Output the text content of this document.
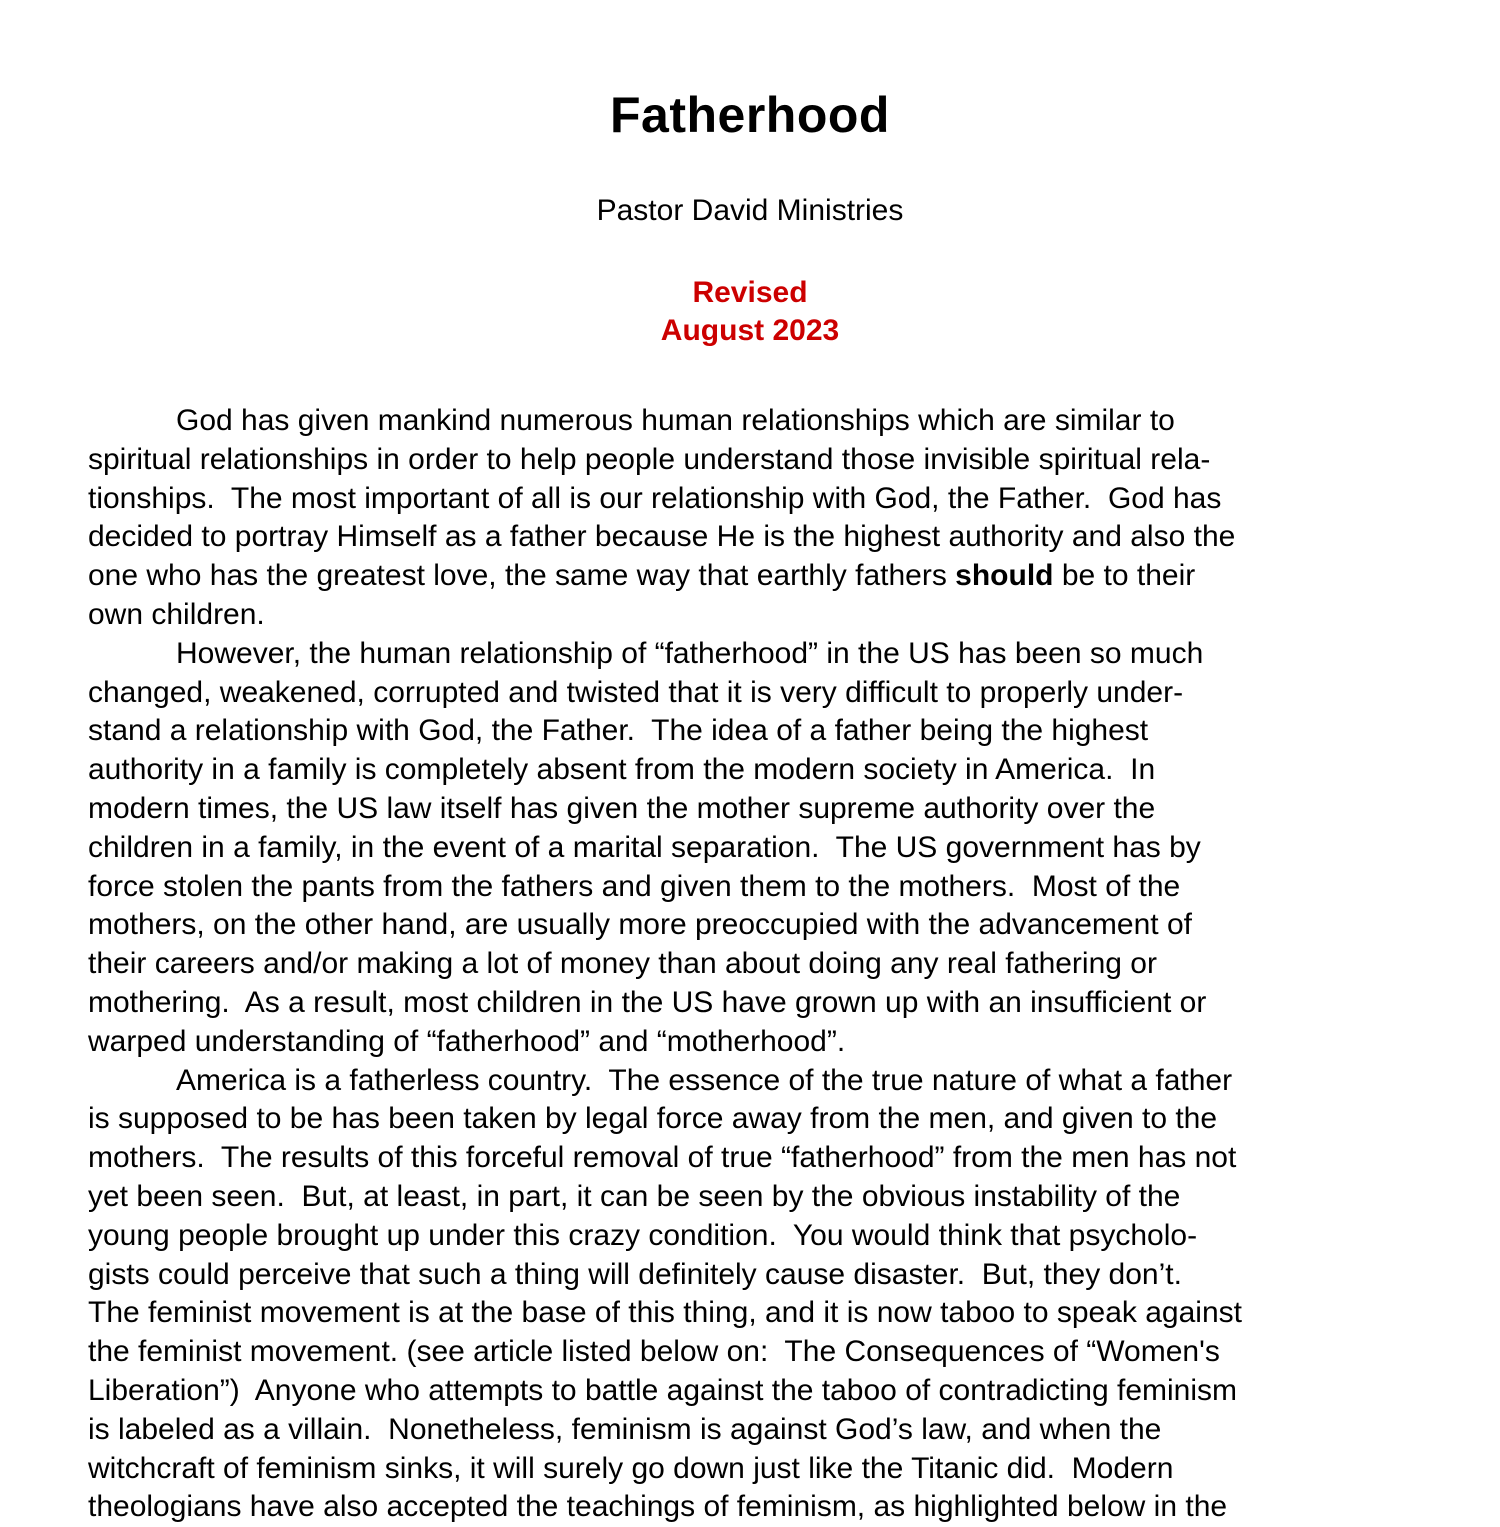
Fatherhood
Pastor David Ministries
Revised
August 2023
God has given mankind numerous human relationships which are similar to
spiritual relationships in order to help people understand those invisible spiritual rela-
tionships.  The most important of all is our relationship with God, the Father.  God has
decided to portray Himself as a father because He is the highest authority and also the
one who has the greatest love, the same way that earthly fathers should be to their
own children.
However, the human relationship of “fatherhood” in the US has been so much
changed, weakened, corrupted and twisted that it is very difficult to properly under-
stand a relationship with God, the Father.  The idea of a father being the highest
authority in a family is completely absent from the modern society in America.  In
modern times, the US law itself has given the mother supreme authority over the
children in a family, in the event of a marital separation.  The US government has by
force stolen the pants from the fathers and given them to the mothers.  Most of the
mothers, on the other hand, are usually more preoccupied with the advancement of
their careers and/or making a lot of money than about doing any real fathering or
mothering.  As a result, most children in the US have grown up with an insufficient or
warped understanding of “fatherhood” and “motherhood”.
America is a fatherless country.  The essence of the true nature of what a father
is supposed to be has been taken by legal force away from the men, and given to the
mothers.  The results of this forceful removal of true “fatherhood” from the men has not
yet been seen.  But, at least, in part, it can be seen by the obvious instability of the
young people brought up under this crazy condition.  You would think that psycholo-
gists could perceive that such a thing will definitely cause disaster.  But, they don’t.
The feminist movement is at the base of this thing, and it is now taboo to speak against
the feminist movement. (see article listed below on:  The Consequences of “Women's
Liberation”)  Anyone who attempts to battle against the taboo of contradicting feminism
is labeled as a villain.  Nonetheless, feminism is against God’s law, and when the
witchcraft of feminism sinks, it will surely go down just like the Titanic did.  Modern
theologians have also accepted the teachings of feminism, as highlighted below in the
